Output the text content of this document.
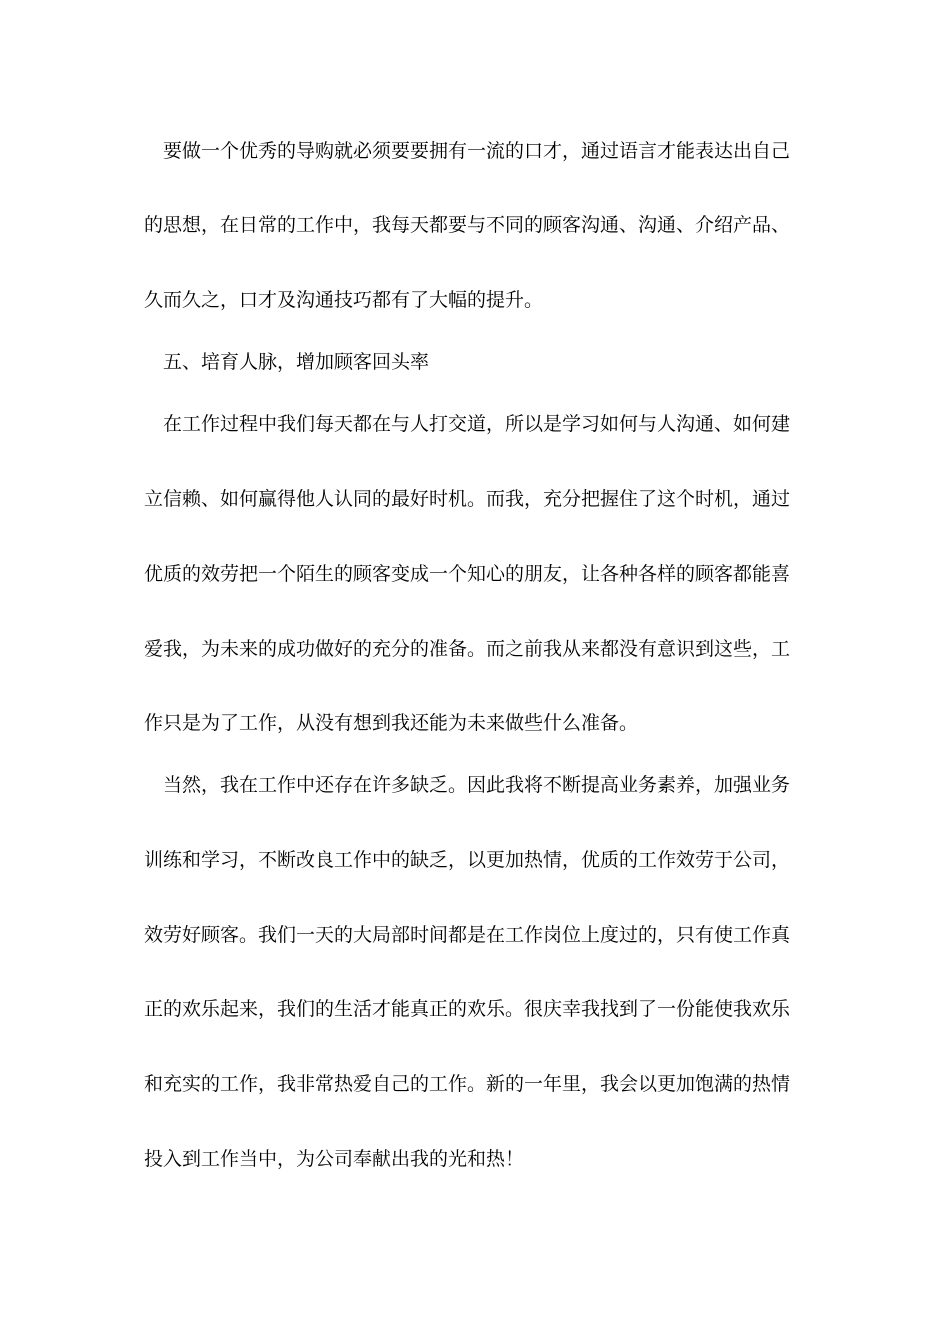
要做一个优秀的导购就必须要要拥有一流的口才，通过语言才能表达出自己
的思想，在日常的工作中，我每天都要与不同的顾客沟通、沟通、介绍产品、
久而久之，口才及沟通技巧都有了大幅的提升。
五、培育人脉，增加顾客回头率
在工作过程中我们每天都在与人打交道，所以是学习如何与人沟通、如何建
立信赖、如何赢得他人认同的最好时机。而我，充分把握住了这个时机，通过
优质的效劳把一个陌生的顾客变成一个知心的朋友，让各种各样的顾客都能喜
爱我，为未来的成功做好的充分的准备。而之前我从来都没有意识到这些，工
作只是为了工作，从没有想到我还能为未来做些什么准备。
当然，我在工作中还存在许多缺乏。因此我将不断提高业务素养，加强业务
训练和学习，不断改良工作中的缺乏，以更加热情，优质的工作效劳于公司，
效劳好顾客。我们一天的大局部时间都是在工作岗位上度过的，只有使工作真
正的欢乐起来，我们的生活才能真正的欢乐。很庆幸我找到了一份能使我欢乐
和充实的工作，我非常热爱自己的工作。新的一年里，我会以更加饱满的热情
投入到工作当中，为公司奉献出我的光和热！
